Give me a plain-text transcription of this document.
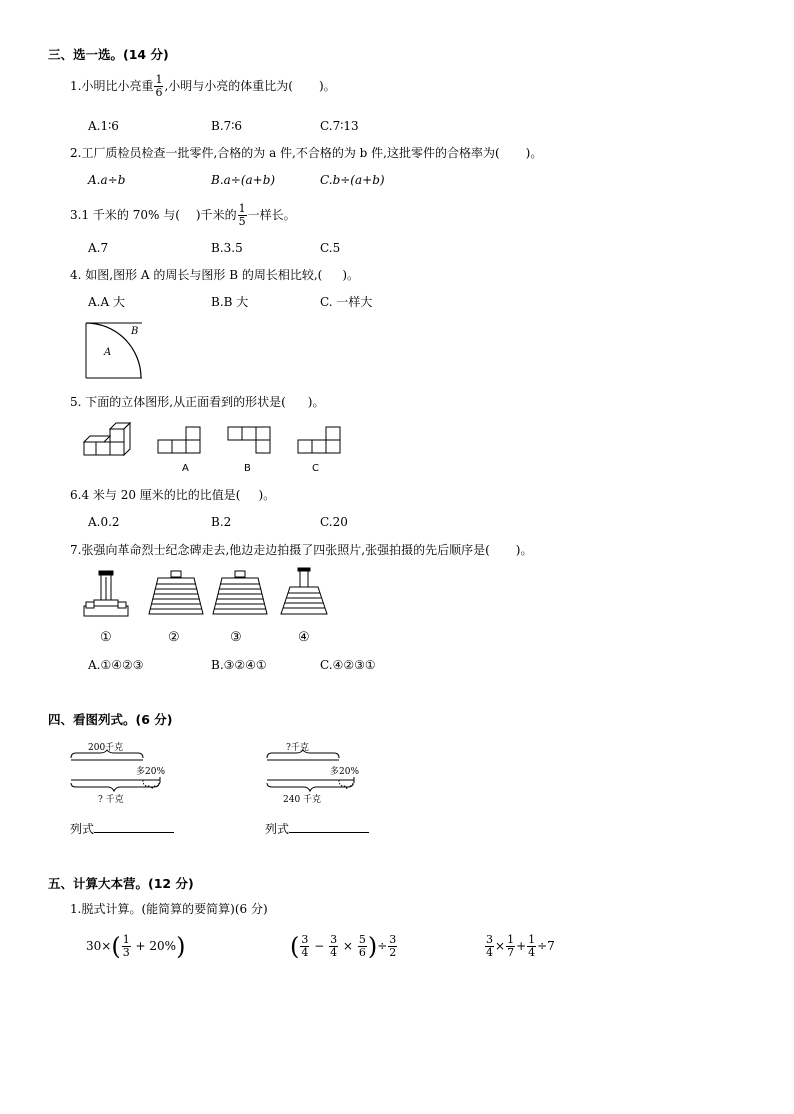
三、选一选。(14 分)
1.小明比小亮重 $\frac{1}{6}$ ,小明与小亮的体重比为( )。
A.1∶6	B.7∶6	C.7∶13
2.工厂质检员检查一批零件,合格的为 a 件,不合格的为 b 件,这批零件的合格率为( )。
A.a÷b	B.a÷(a+b)	C.b÷(a+b)
3.1 千米的 70% 与( )千米的 $\frac{1}{5}$ 一样长。
A.7	B.3.5	C.5
4. 如图,图形 A 的周长与图形 B 的周长相比较,( )。
A.A 大	B.B 大	C. 一样大
A
B
5. 下面的立体图形,从正面看到的形状是( )。
A	B	C
6.4 米与 20 厘米的比的比值是( )。
A.0.2	B.2	C.20
7.张强向革命烈士纪念碑走去,他边走边拍摄了四张照片,张强拍摄的先后顺序是( )。
①	②	③	④
A.①④②③	B.③②④①	C.④②③①
四、看图列式。(6 分)
200千克
多20%
? 千克
?千克
多20%
240 千克
列式	列式
五、计算大本营。(12 分)
1.脱式计算。(能简算的要简算)(6 分)
$30\times( \frac{1}{3} + 20\%)$	( $\frac{3}{4} - \frac{3}{4} \times \frac{5}{6}$ )÷ $\frac{3}{2}$	$\frac{3}{4} \times \frac{1}{7} + \frac{1}{4} \div 7$
